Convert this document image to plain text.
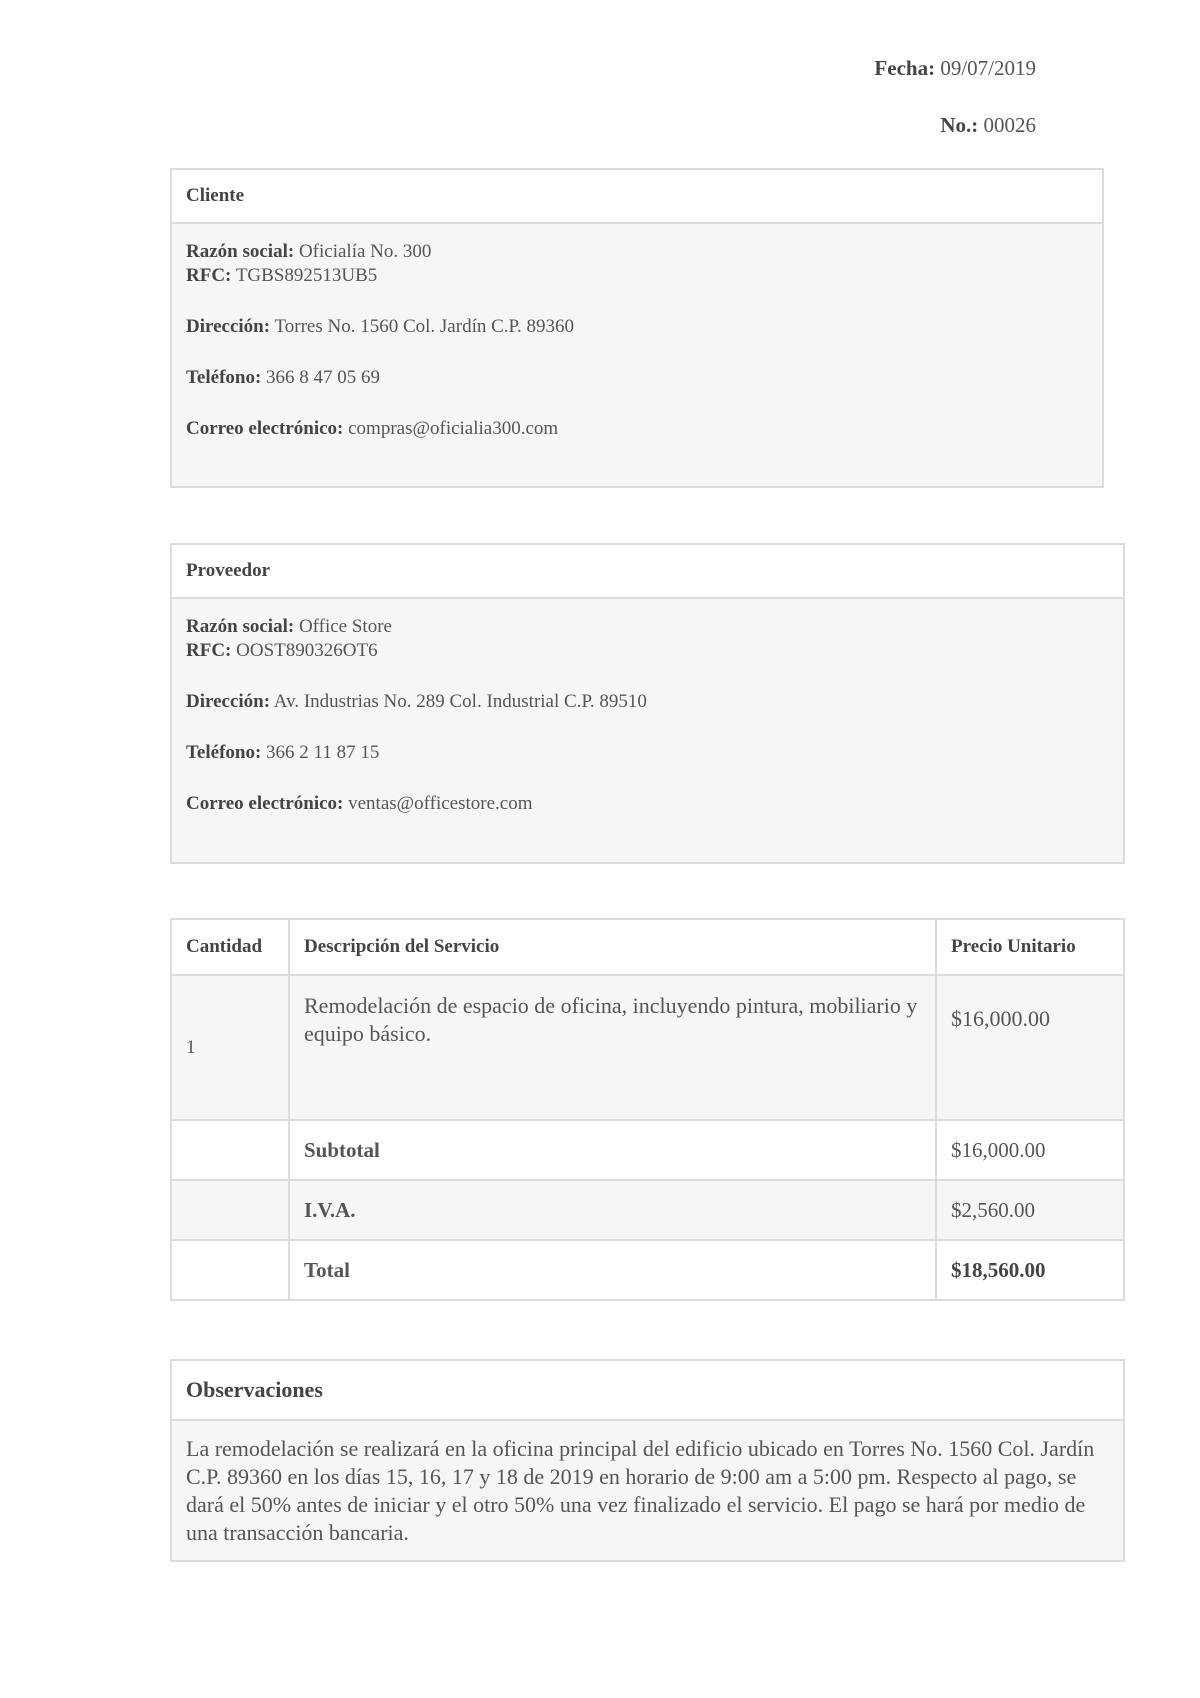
Fecha: 09/07/2019
No.: 00026
Cliente
Razón social: Oficialía No. 300
RFC: TGBS892513UB5
Dirección: Torres No. 1560 Col. Jardín C.P. 89360
Teléfono: 366 8 47 05 69
Correo electrónico: compras@oficialia300.com
Proveedor
Razón social: Office Store
RFC: OOST890326OT6
Dirección: Av. Industrias No. 289 Col. Industrial C.P. 89510
Teléfono: 366 2 11 87 15
Correo electrónico: ventas@officestore.com
Cantidad	Descripción del Servicio	Precio Unitario
1	Remodelación de espacio de oficina, incluyendo pintura, mobiliario y equipo básico.	$16,000.00
	Subtotal	$16,000.00
	I.V.A.	$2,560.00
	Total	$18,560.00
Observaciones
La remodelación se realizará en la oficina principal del edificio ubicado en Torres No. 1560 Col. Jardín C.P. 89360 en los días 15, 16, 17 y 18 de 2019 en horario de 9:00 am a 5:00 pm. Respecto al pago, se dará el 50% antes de iniciar y el otro 50% una vez finalizado el servicio. El pago se hará por medio de una transacción bancaria.
